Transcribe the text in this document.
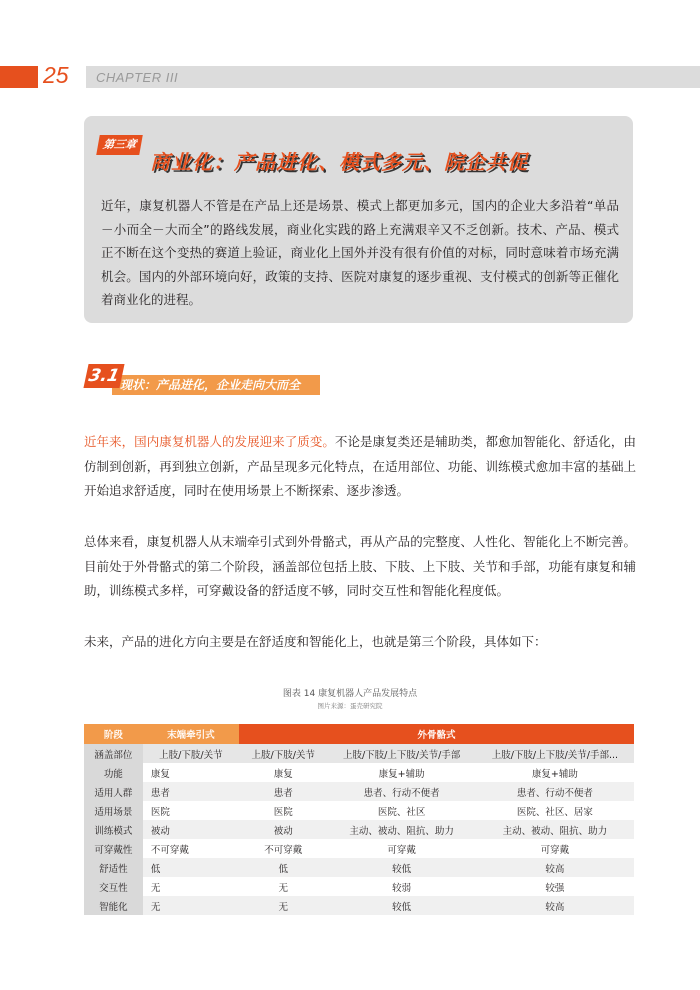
25 CHAPTER III
第三章
商业化：产品进化、模式多元、院企共促
近年，康复机器人不管是在产品上还是场景、模式上都更加多元，国内的企业大多沿着“单品－小而全－大而全”的路线发展，商业化实践的路上充满艰辛又不乏创新。技术、产品、模式正不断在这个变热的赛道上验证，商业化上国外并没有很有价值的对标，同时意味着市场充满机会。国内的外部环境向好，政策的支持、医院对康复的逐步重视、支付模式的创新等正催化着商业化的进程。
3.1
现状：产品进化，企业走向大而全
近年来，国内康复机器人的发展迎来了质变。不论是康复类还是辅助类，都愈加智能化、舒适化，由仿制到创新，再到独立创新，产品呈现多元化特点，在适用部位、功能、训练模式愈加丰富的基础上开始追求舒适度，同时在使用场景上不断探索、逐步渗透。
总体来看，康复机器人从末端牵引式到外骨骼式，再从产品的完整度、人性化、智能化上不断完善。目前处于外骨骼式的第二个阶段，涵盖部位包括上肢、下肢、上下肢、关节和手部，功能有康复和辅助，训练模式多样，可穿戴设备的舒适度不够，同时交互性和智能化程度低。
未来，产品的进化方向主要是在舒适度和智能化上，也就是第三个阶段，具体如下：
图表 14 康复机器人产品发展特点
图片来源：蛋壳研究院
阶段	末端牵引式	外骨骼式		
涵盖部位	上肢/下肢/关节	上肢/下肢/关节	上肢/下肢/上下肢/关节/手部	上肢/下肢/上下肢/关节/手部...
功能	康复	康复	康复+辅助	康复+辅助
适用人群	患者	患者	患者、行动不便者	患者、行动不便者
适用场景	医院	医院	医院、社区	医院、社区、居家
训练模式	被动	被动	主动、被动、阻抗、助力	主动、被动、阻抗、助力
可穿戴性	不可穿戴	不可穿戴	可穿戴	可穿戴
舒适性	低	低	较低	较高
交互性	无	无	较弱	较强
智能化	无	无	较低	较高
